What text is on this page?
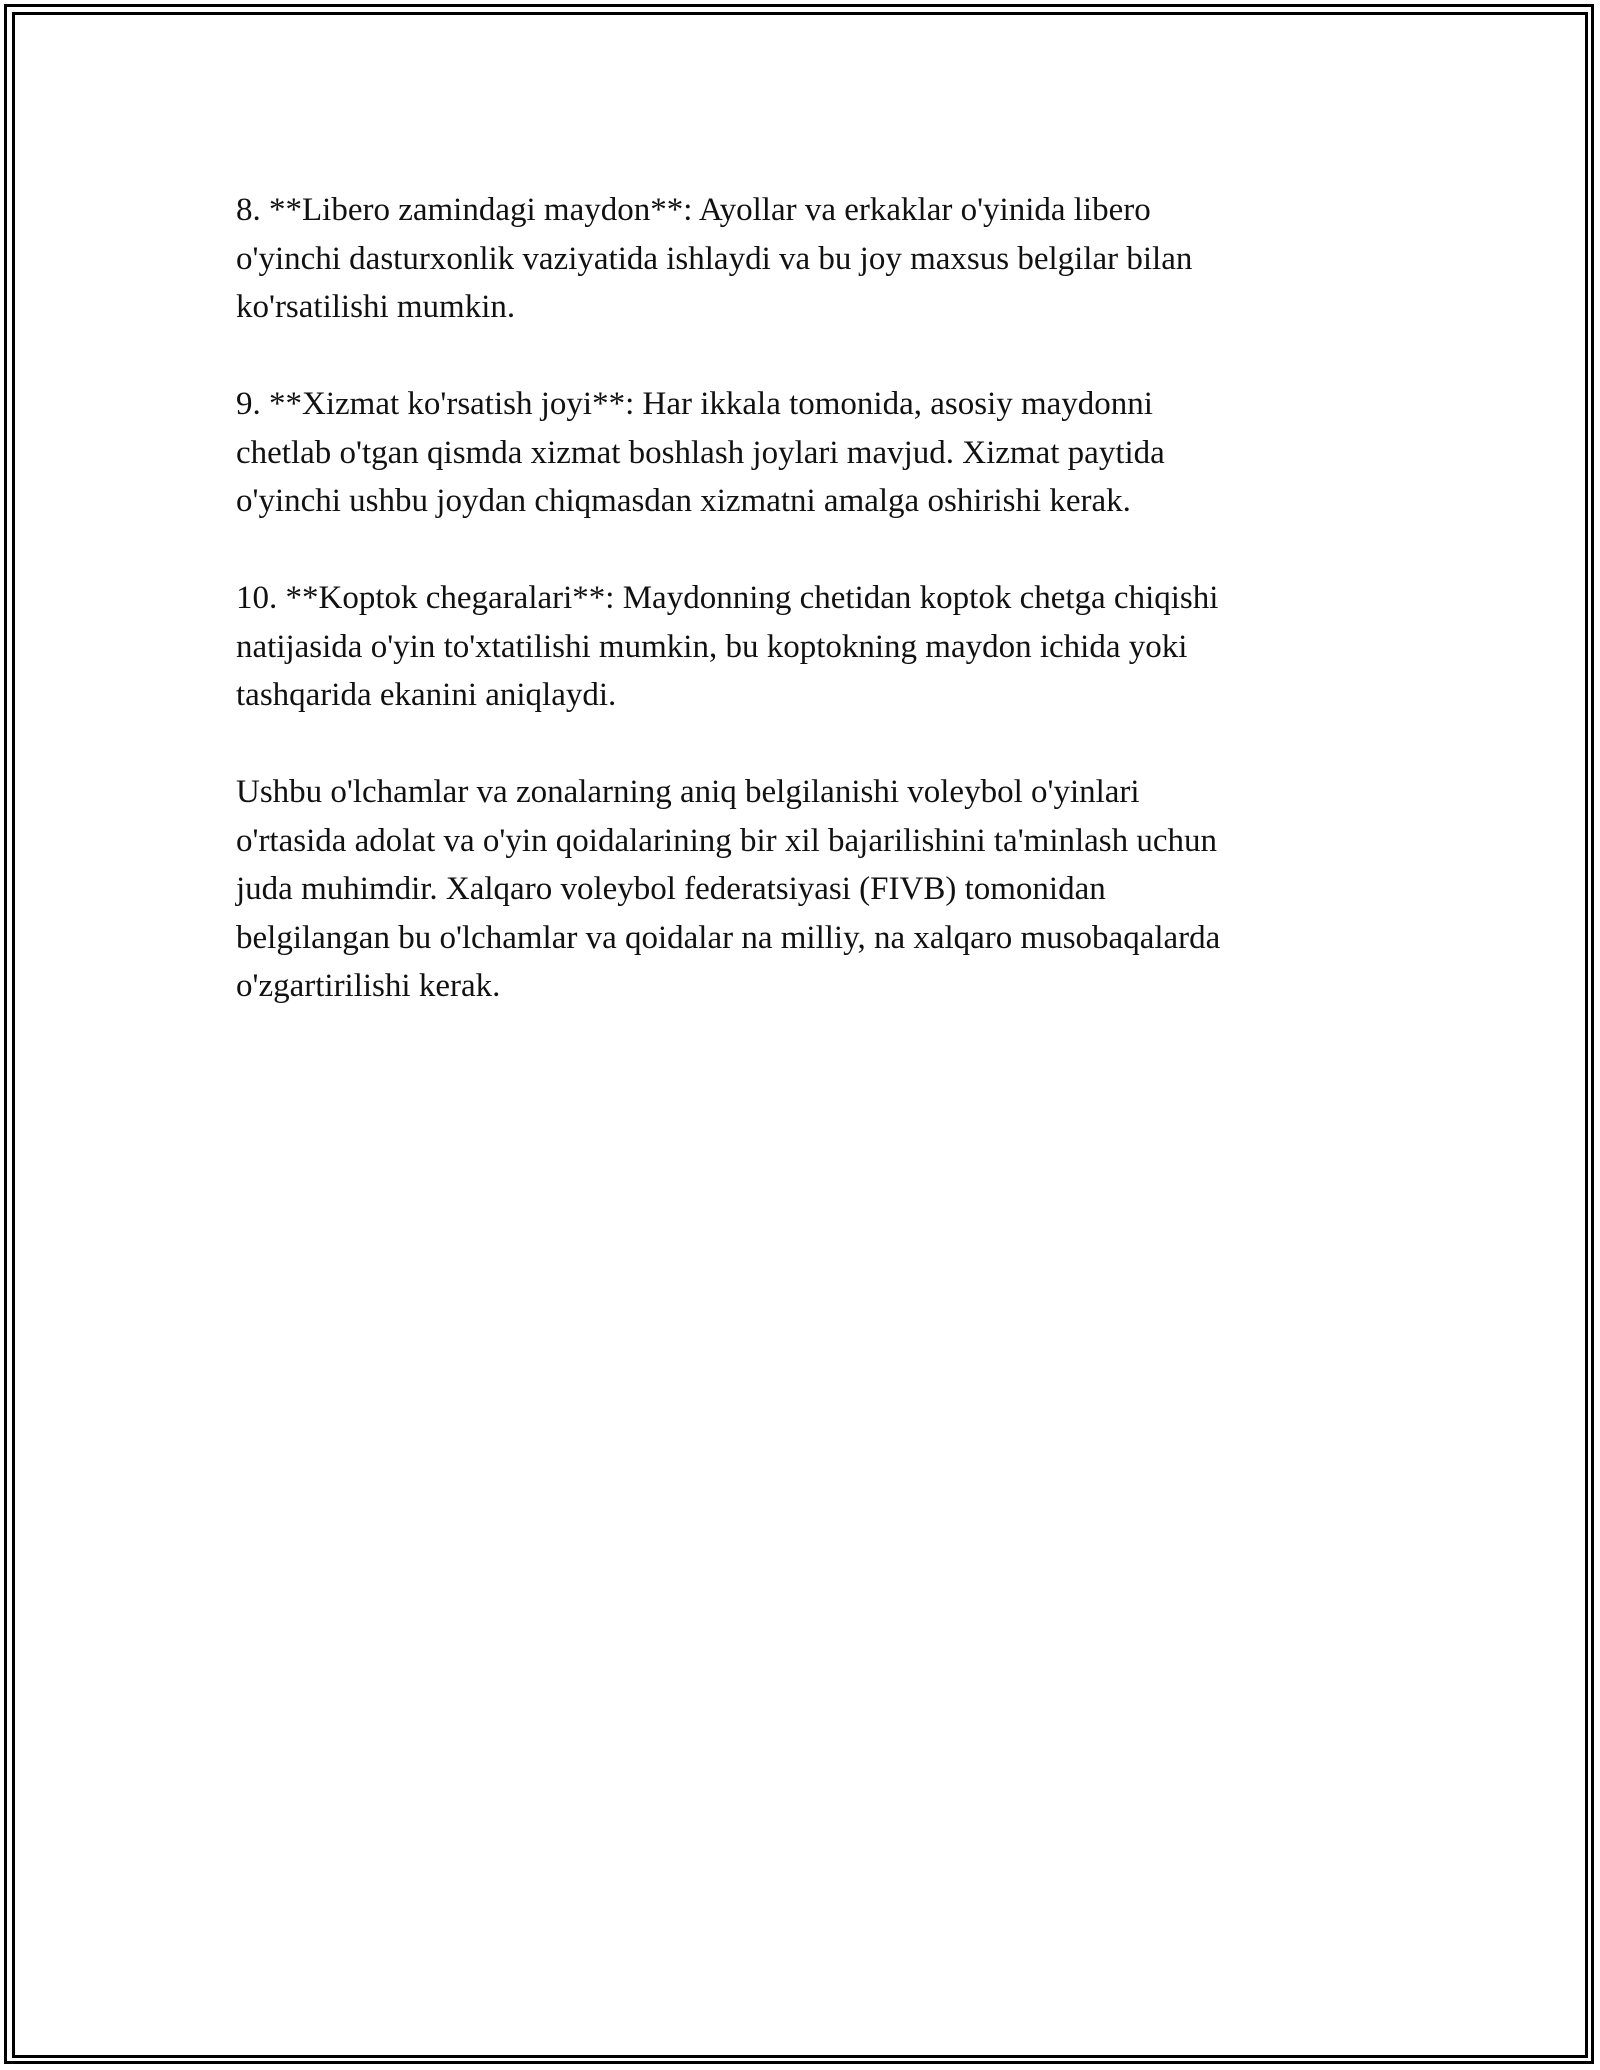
8. **Libero zamindagi maydon**: Ayollar va erkaklar o'yinida libero
o'yinchi dasturxonlik vaziyatida ishlaydi va bu joy maxsus belgilar bilan
ko'rsatilishi mumkin.

9. **Xizmat ko'rsatish joyi**: Har ikkala tomonida, asosiy maydonni
chetlab o'tgan qismda xizmat boshlash joylari mavjud. Xizmat paytida
o'yinchi ushbu joydan chiqmasdan xizmatni amalga oshirishi kerak.

10. **Koptok chegaralari**: Maydonning chetidan koptok chetga chiqishi
natijasida o'yin to'xtatilishi mumkin, bu koptokning maydon ichida yoki
tashqarida ekanini aniqlaydi.

Ushbu o'lchamlar va zonalarning aniq belgilanishi voleybol o'yinlari
o'rtasida adolat va o'yin qoidalarining bir xil bajarilishini ta'minlash uchun
juda muhimdir. Xalqaro voleybol federatsiyasi (FIVB) tomonidan
belgilangan bu o'lchamlar va qoidalar na milliy, na xalqaro musobaqalarda
o'zgartirilishi kerak.
